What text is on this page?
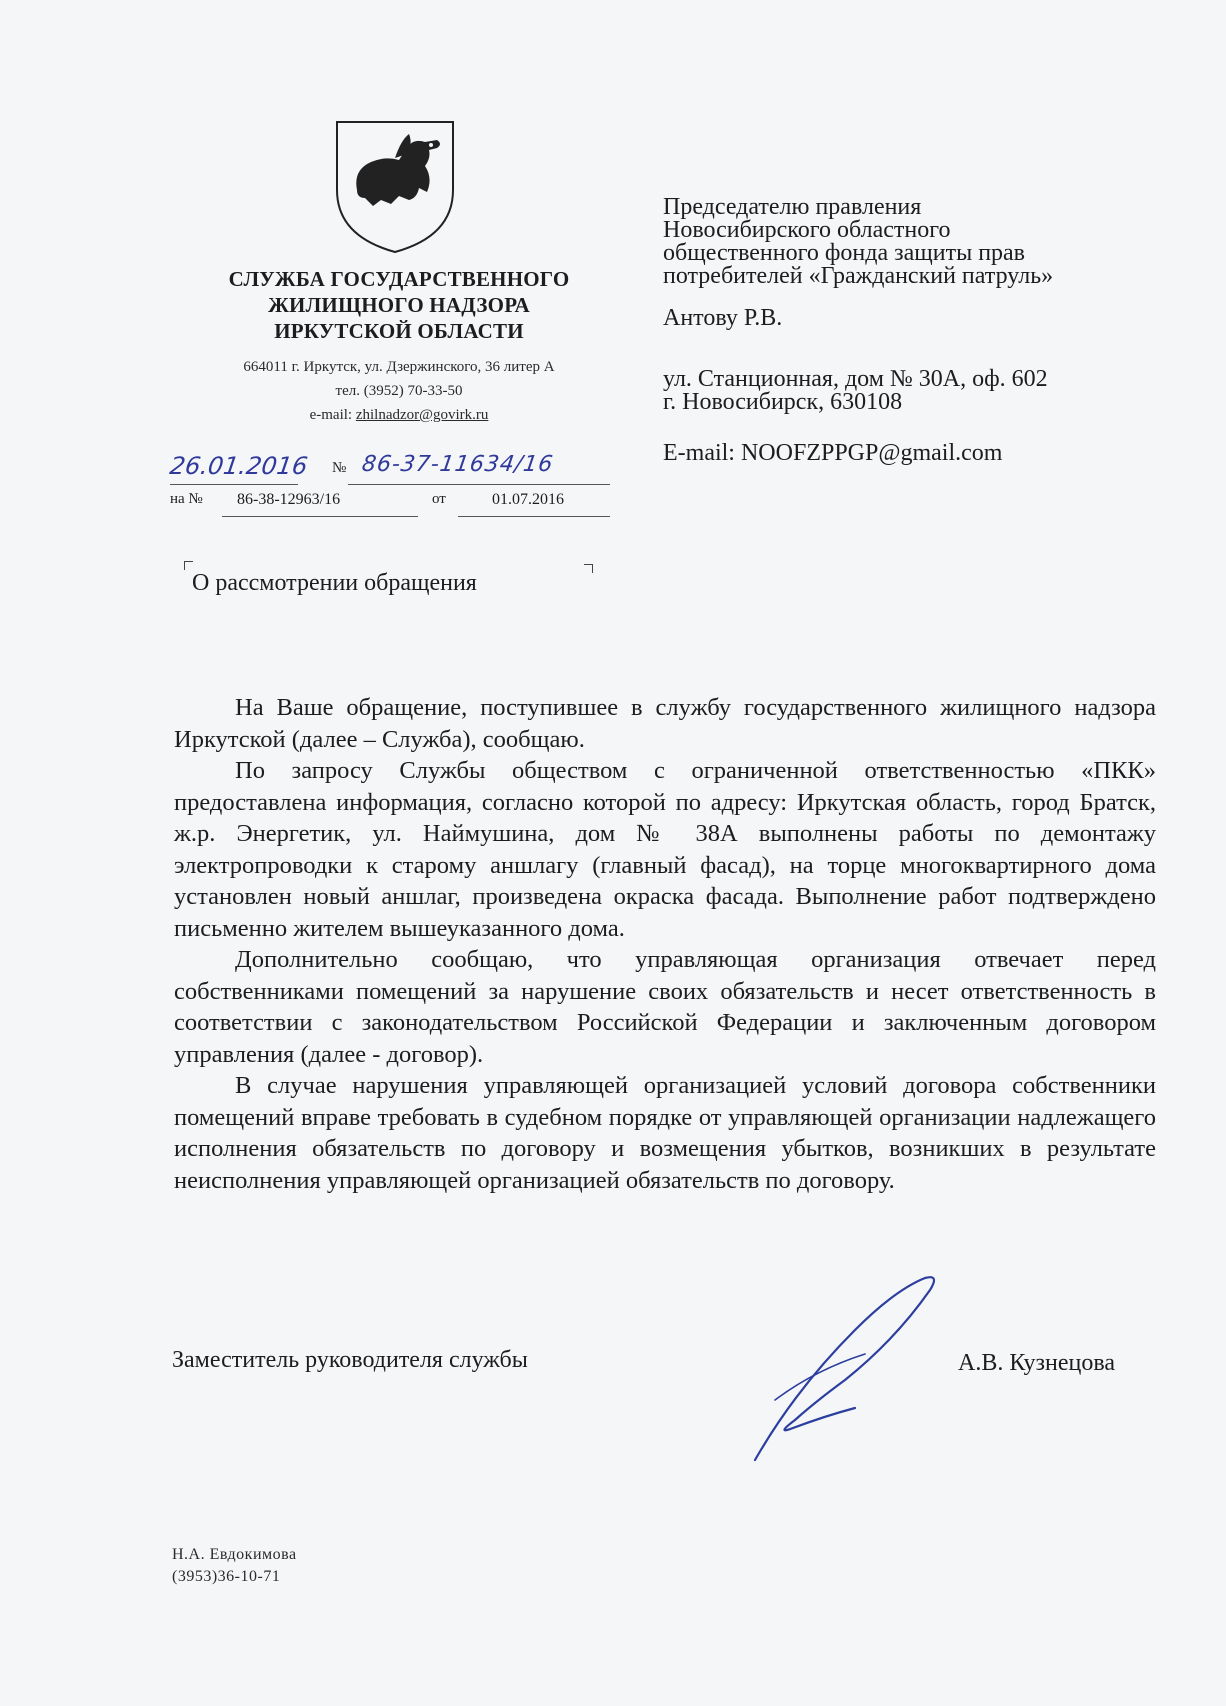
СЛУЖБА ГОСУДАРСТВЕННОГО
ЖИЛИЩНОГО НАДЗОРА
ИРКУТСКОЙ ОБЛАСТИ
664011 г. Иркутск, ул. Дзержинского, 36 литер А
тел. (3952) 70-33-50
e-mail: zhilnadzor@govirk.ru
26.01.2016	№ 86-37-11634/16
на № 86-38-12963/16	от	01.07.2016
Председателю правления
Новосибирского областного
общественного фонда защиты прав
потребителей «Гражданский патруль»
Антову Р.В.
ул. Станционная, дом № 30А, оф. 602
г. Новосибирск, 630108
E-mail: NOOFZPPGP@gmail.com
О рассмотрении обращения

На Ваше обращение, поступившее в службу государственного жилищного надзора Иркутской (далее – Служба), сообщаю.

По запросу Службы обществом с ограниченной ответственностью «ПКК» предоставлена информация, согласно которой по адресу: Иркутская область, город Братск, ж.р. Энергетик, ул. Наймушина, дом № 38А выполнены работы по демонтажу электропроводки к старому аншлагу (главный фасад), на торце многоквартирного дома установлен новый аншлаг, произведена окраска фасада. Выполнение работ подтверждено письменно жителем вышеуказанного дома.

Дополнительно сообщаю, что управляющая организация отвечает перед собственниками помещений за нарушение своих обязательств и несет ответственность в соответствии с законодательством Российской Федерации и заключенным договором управления (далее - договор).

В случае нарушения управляющей организацией условий договора собственники помещений вправе требовать в судебном порядке от управляющей организации надлежащего исполнения обязательств по договору и возмещения убытков, возникших в результате неисполнения управляющей организацией обязательств по договору.

Заместитель руководителя службы	А.В. Кузнецова
Н.А. Евдокимова
(3953)36-10-71
